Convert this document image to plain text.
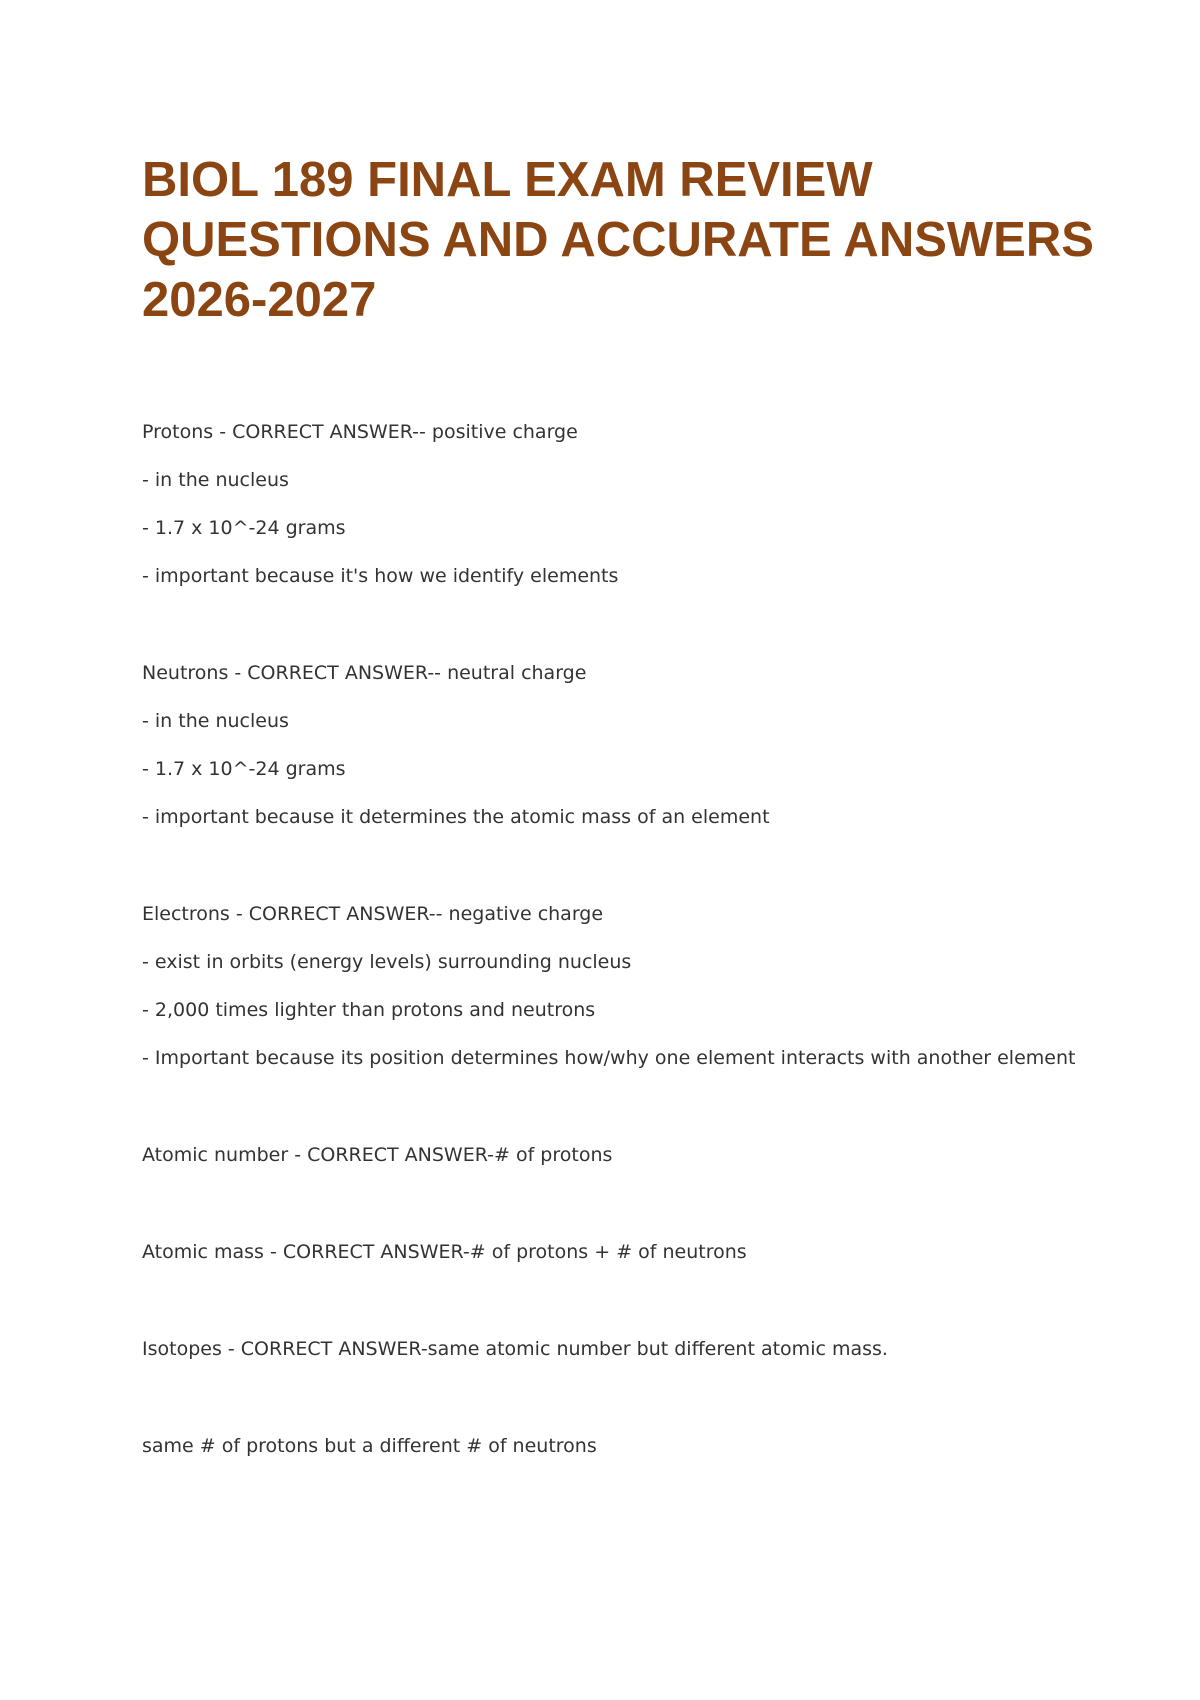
BIOL 189 FINAL EXAM REVIEW
QUESTIONS AND ACCURATE ANSWERS
2026-2027

Protons - CORRECT ANSWER-- positive charge

- in the nucleus

- 1.7 x 10^-24 grams

- important because it's how we identify elements

Neutrons - CORRECT ANSWER-- neutral charge

- in the nucleus

- 1.7 x 10^-24 grams

- important because it determines the atomic mass of an element

Electrons - CORRECT ANSWER-- negative charge

- exist in orbits (energy levels) surrounding nucleus

- 2,000 times lighter than protons and neutrons

- Important because its position determines how/why one element interacts with another element

Atomic number - CORRECT ANSWER-# of protons

Atomic mass - CORRECT ANSWER-# of protons + # of neutrons

Isotopes - CORRECT ANSWER-same atomic number but different atomic mass.

same # of protons but a different # of neutrons
